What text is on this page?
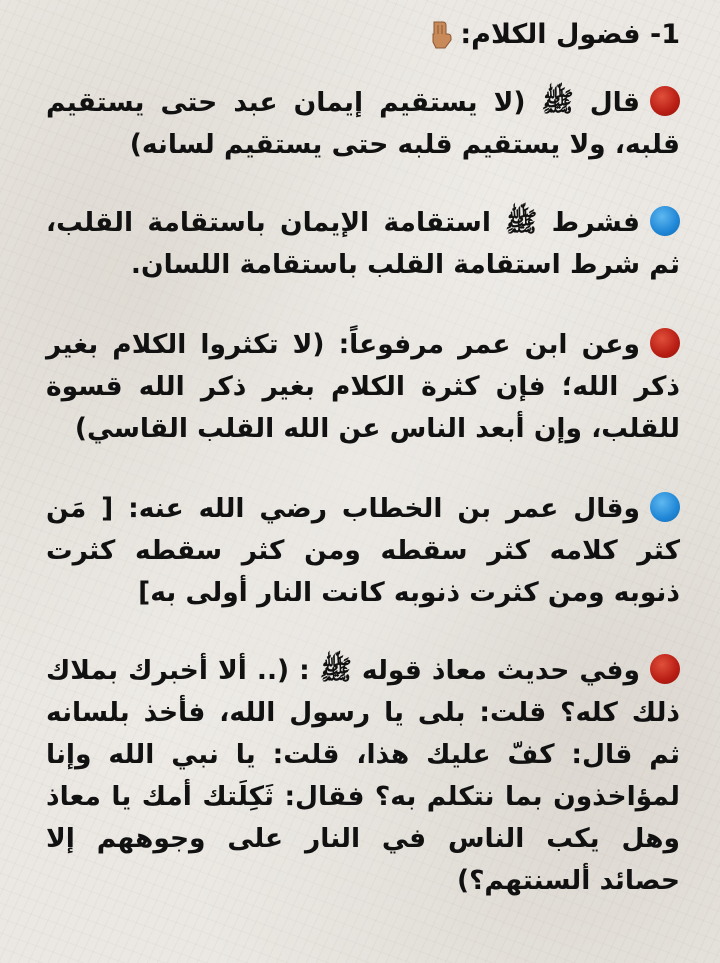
1- فضول الكلام:

قال ﷺ (لا يستقيم إيمان عبد حتى يستقيم قلبه، ولا يستقيم قلبه حتى يستقيم لسانه)

فشرط ﷺ استقامة الإيمان باستقامة القلب، ثم شرط استقامة القلب باستقامة اللسان.

وعن ابن عمر مرفوعاً: (لا تكثروا الكلام بغير ذكر الله؛ فإن كثرة الكلام بغير ذكر الله قسوة للقلب، وإن أبعد الناس عن الله القلب القاسي)

وقال عمر بن الخطاب رضي الله عنه: [ مَن كثر كلامه كثر سقطه ومن كثر سقطه كثرت ذنوبه ومن كثرت ذنوبه كانت النار أولى به]

وفي حديث معاذ قوله ﷺ : (.. ألا أخبرك بملاك ذلك كله؟ قلت: بلى يا رسول الله، فأخذ بلسانه ثم قال: كفّ عليك هذا، قلت: يا نبي الله وإنا لمؤاخذون بما نتكلم به؟ فقال: ثَكِلَتك أمك يا معاذ وهل يكب الناس في النار على وجوههم إلا حصائد ألسنتهم؟)
